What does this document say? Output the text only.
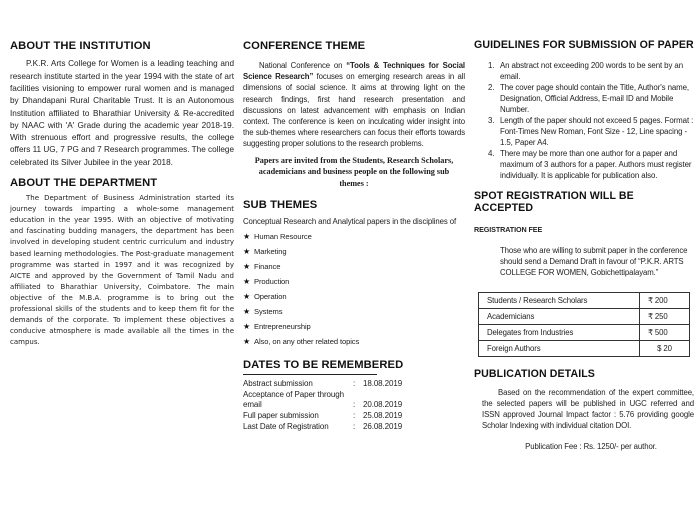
ABOUT THE INSTITUTION

P.K.R. Arts College for Women is a leading teaching and research institute started in the year 1994 with the state of art facilities visioning to empower rural women and is managed by Dhandapani Rural Charitable Trust. It is an Autonomous Institution affiliated to Bharathiar University & Re-accredited by NAAC with 'A' Grade during the academic year 2018-19. With strenuous effort and progressive results, the college offers 11 UG, 7 PG and 7 Research programmes. The college celebrated its Silver Jubilee in the year 2018.

ABOUT THE DEPARTMENT

The Department of Business Administration started its journey towards imparting a whole-some management education in the year 1995. With an objective of motivating and fascinating budding managers, the department has been involved in developing student centric curriculum and industry based learning methodologies. The Post-graduate management programme was started in 1997 and it was recognized by AICTE and approved by the Government of Tamil Nadu and affiliated to Bharathiar University, Coimbatore. The main objective of the M.B.A. programme is to bring out the professional skills of the students and to keep them fit for the demands of the corporate. To implement these objectives a conducive atmosphere is made available all the times in the campus.

CONFERENCE THEME

National Conference on “Tools & Techniques for Social Science Research” focuses on emerging research areas in all dimensions of social science. It aims at throwing light on the research findings, first hand research presentation and discussions on latest advancement with emphasis on Indian context. The conference is keen on inculcating wider insight into the sub-themes where researchers can focus their efforts towards suggesting proper solutions to the research problems.

Papers are invited from the Students, Research Scholars, academicians and business people on the following sub themes :

SUB THEMES

Conceptual Research and Analytical papers in the disciplines of

★ Human Resource
★ Marketing
★ Finance
★ Production
★ Operation
★ Systems
★ Entrepreneurship
★ Also, on any other related topics
DATES TO BE REMEMBERED
Abstract submission	:	18.08.2019
Acceptance of Paper through email	:	20.08.2019
Full paper submission	:	25.08.2019
Last Date of Registration	:	26.08.2019
GUIDELINES FOR SUBMISSION OF PAPER
An abstract not exceeding 200 words to be sent by an email.
The cover page should contain the Title, Author's name, Designation, Official Address, E-mail ID and Mobile Number.
Length of the paper should not exceed 5 pages. Format : Font-Times New Roman, Font Size - 12, Line spacing - 1.5, Paper A4.
There may be more than one author for a paper and maximum of 3 authors for a paper. Authors must register individually. It is applicable for publication also.
SPOT REGISTRATION WILL BE ACCEPTED

REGISTRATION FEE

Those who are willing to submit paper in the conference should send a Demand Draft in favour of “P.K.R. ARTS COLLEGE FOR WOMEN, Gobichettipalayam.”

Students / Research Scholars	₹ 200
Academicians	₹ 250
Delegates from Industries	₹ 500
Foreign Authors	$ 20
PUBLICATION DETAILS

Based on the recommendation of the expert committee, the selected papers will be published in UGC referred and ISSN approved Journal Impact factor : 5.76 providing google Scholar Indexing with individual citation DOI.

Publication Fee : Rs. 1250/- per author.
